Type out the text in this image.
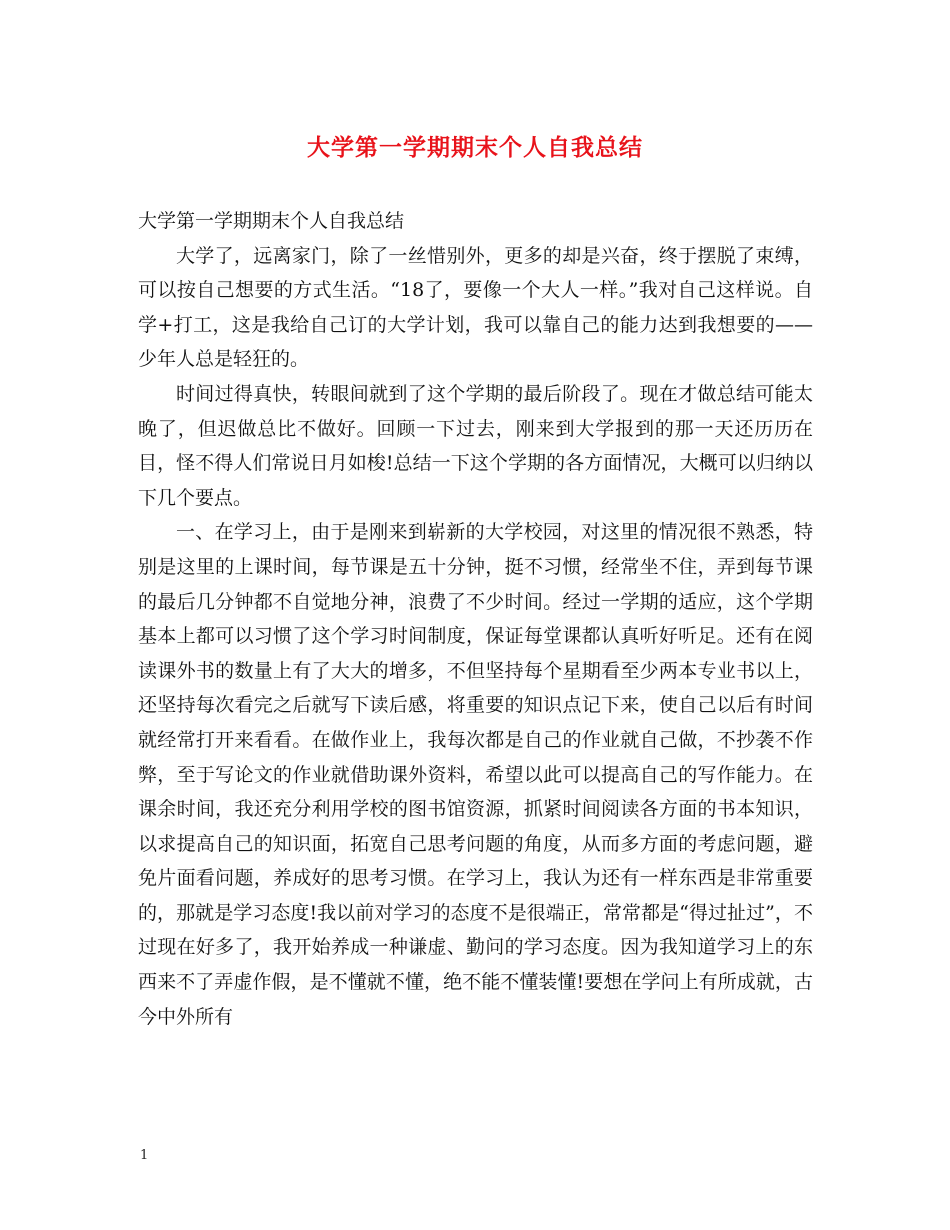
大学第一学期期末个人自我总结

大学第一学期期末个人自我总结

大学了，远离家门，除了一丝惜别外，更多的却是兴奋，终于摆脱了束缚，可以按自己想要的方式生活。“18了，要像一个大人一样。”我对自己这样说。自学+打工，这是我给自己订的大学计划，我可以靠自己的能力达到我想要的——少年人总是轻狂的。

时间过得真快，转眼间就到了这个学期的最后阶段了。现在才做总结可能太晚了，但迟做总比不做好。回顾一下过去，刚来到大学报到的那一天还历历在目，怪不得人们常说日月如梭!总结一下这个学期的各方面情况，大概可以归纳以下几个要点。

一、在学习上，由于是刚来到崭新的大学校园，对这里的情况很不熟悉，特别是这里的上课时间，每节课是五十分钟，挺不习惯，经常坐不住，弄到每节课的最后几分钟都不自觉地分神，浪费了不少时间。经过一学期的适应，这个学期基本上都可以习惯了这个学习时间制度，保证每堂课都认真听好听足。还有在阅读课外书的数量上有了大大的增多，不但坚持每个星期看至少两本专业书以上，还坚持每次看完之后就写下读后感，将重要的知识点记下来，使自己以后有时间就经常打开来看看。在做作业上，我每次都是自己的作业就自己做，不抄袭不作弊，至于写论文的作业就借助课外资料，希望以此可以提高自己的写作能力。在课余时间，我还充分利用学校的图书馆资源，抓紧时间阅读各方面的书本知识，以求提高自己的知识面，拓宽自己思考问题的角度，从而多方面的考虑问题，避免片面看问题，养成好的思考习惯。在学习上，我认为还有一样东西是非常重要的，那就是学习态度!我以前对学习的态度不是很端正，常常都是“得过扯过”，不过现在好多了，我开始养成一种谦虚、勤问的学习态度。因为我知道学习上的东西来不了弄虚作假，是不懂就不懂，绝不能不懂装懂!要想在学问上有所成就，古今中外所有

1
